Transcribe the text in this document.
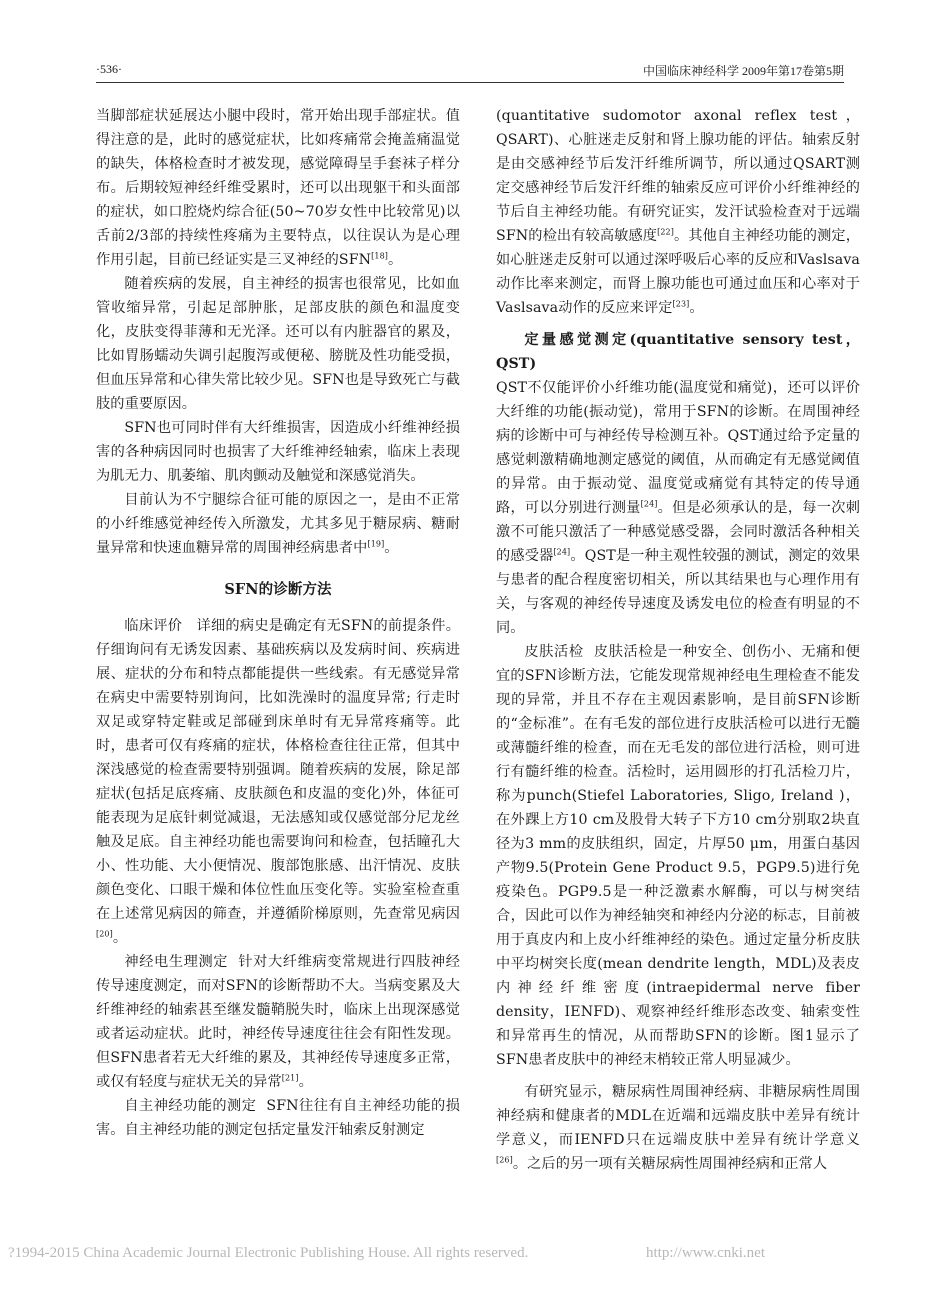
·536·	中国临床神经科学 2009年第17卷第5期

当脚部症状延展达小腿中段时，常开始出现手部症状。值得注意的是，此时的感觉症状，比如疼痛常会掩盖痛温觉的缺失，体格检查时才被发现，感觉障碍呈手套袜子样分布。后期较短神经纤维受累时，还可以出现躯干和头面部的症状，如口腔烧灼综合征(50~70岁女性中比较常见)以舌前2/3部的持续性疼痛为主要特点，以往误认为是心理作用引起，目前已经证实是三叉神经的SFN[18]。

随着疾病的发展，自主神经的损害也很常见，比如血管收缩异常，引起足部肿胀，足部皮肤的颜色和温度变化，皮肤变得菲薄和无光泽。还可以有内脏器官的累及，比如胃肠蠕动失调引起腹泻或便秘、膀胱及性功能受损，但血压异常和心律失常比较少见。SFN也是导致死亡与截肢的重要原因。

SFN也可同时伴有大纤维损害，因造成小纤维神经损害的各种病因同时也损害了大纤维神经轴索，临床上表现为肌无力、肌萎缩、肌肉颤动及触觉和深感觉消失。

目前认为不宁腿综合征可能的原因之一，是由不正常的小纤维感觉神经传入所激发，尤其多见于糖尿病、糖耐量异常和快速血糖异常的周围神经病患者中[19]。

SFN的诊断方法

临床评价 详细的病史是确定有无SFN的前提条件。仔细询问有无诱发因素、基础疾病以及发病时间、疾病进展、症状的分布和特点都能提供一些线索。有无感觉异常在病史中需要特别询问，比如洗澡时的温度异常; 行走时双足或穿特定鞋或足部碰到床单时有无异常疼痛等。此时，患者可仅有疼痛的症状，体格检查往往正常，但其中深浅感觉的检查需要特别强调。随着疾病的发展，除足部症状(包括足底疼痛、皮肤颜色和皮温的变化)外，体征可能表现为足底针刺觉减退，无法感知或仅感觉部分尼龙丝触及足底。自主神经功能也需要询问和检查，包括瞳孔大小、性功能、大小便情况、腹部饱胀感、出汗情况、皮肤颜色变化、口眼干燥和体位性血压变化等。实验室检查重在上述常见病因的筛查，并遵循阶梯原则，先查常见病因[20]。

神经电生理测定 针对大纤维病变常规进行四肢神经传导速度测定，而对SFN的诊断帮助不大。当病变累及大纤维神经的轴索甚至继发髓鞘脱失时，临床上出现深感觉或者运动症状。此时，神经传导速度往往会有阳性发现。但SFN患者若无大纤维的累及，其神经传导速度多正常，或仅有轻度与症状无关的异常[21]。

自主神经功能的测定 SFN往往有自主神经功能的损害。自主神经功能的测定包括定量发汗轴索反射测定

(quantitative sudomotor axonal reflex test，QSART)、心脏迷走反射和肾上腺功能的评估。轴索反射是由交感神经节后发汗纤维所调节，所以通过QSART测定交感神经节后发汗纤维的轴索反应可评价小纤维神经的节后自主神经功能。有研究证实，发汗试验检查对于远端SFN的检出有较高敏感度[22]。其他自主神经功能的测定，如心脏迷走反射可以通过深呼吸后心率的反应和Vaslsava动作比率来测定，而肾上腺功能也可通过血压和心率对于Vaslsava动作的反应来评定[23]。

定量感觉测定(quantitative sensory test，QST)
QST不仅能评价小纤维功能(温度觉和痛觉)，还可以评价大纤维的功能(振动觉)，常用于SFN的诊断。在周围神经病的诊断中可与神经传导检测互补。QST通过给予定量的感觉刺激精确地测定感觉的阈值，从而确定有无感觉阈值的异常。由于振动觉、温度觉或痛觉有其特定的传导通路，可以分别进行测量[24]。但是必须承认的是，每一次刺激不可能只激活了一种感觉感受器，会同时激活各种相关的感受器[24]。QST是一种主观性较强的测试，测定的效果与患者的配合程度密切相关，所以其结果也与心理作用有关，与客观的神经传导速度及诱发电位的检查有明显的不同。

皮肤活检 皮肤活检是一种安全、创伤小、无痛和便宜的SFN诊断方法，它能发现常规神经电生理检查不能发现的异常，并且不存在主观因素影响，是目前SFN诊断的“金标准”。在有毛发的部位进行皮肤活检可以进行无髓或薄髓纤维的检查，而在无毛发的部位进行活检，则可进行有髓纤维的检查。活检时，运用圆形的打孔活检刀片，称为punch(Stiefel Laboratories, Sligo, Ireland )，在外踝上方10 cm及股骨大转子下方10 cm分别取2块直径为3 mm的皮肤组织，固定，片厚50 μm，用蛋白基因产物9.5(Protein Gene Product 9.5，PGP9.5)进行免疫染色。PGP9.5是一种泛激素水解酶，可以与树突结合，因此可以作为神经轴突和神经内分泌的标志，目前被用于真皮内和上皮小纤维神经的染色。通过定量分析皮肤中平均树突长度(mean dendrite length，MDL)及表皮内神经纤维密度(intraepidermal nerve fiber density，IENFD)、观察神经纤维形态改变、轴索变性和异常再生的情况，从而帮助SFN的诊断。图1显示了SFN患者皮肤中的神经末梢较正常人明显减少。

有研究显示，糖尿病性周围神经病、非糖尿病性周围神经病和健康者的MDL在近端和远端皮肤中差异有统计学意义，而IENFD只在远端皮肤中差异有统计学意义[26]。之后的另一项有关糖尿病性周围神经病和正常人

?1994-2015 China Academic Journal Electronic Publishing House. All rights reserved.	http://www.cnki.net
